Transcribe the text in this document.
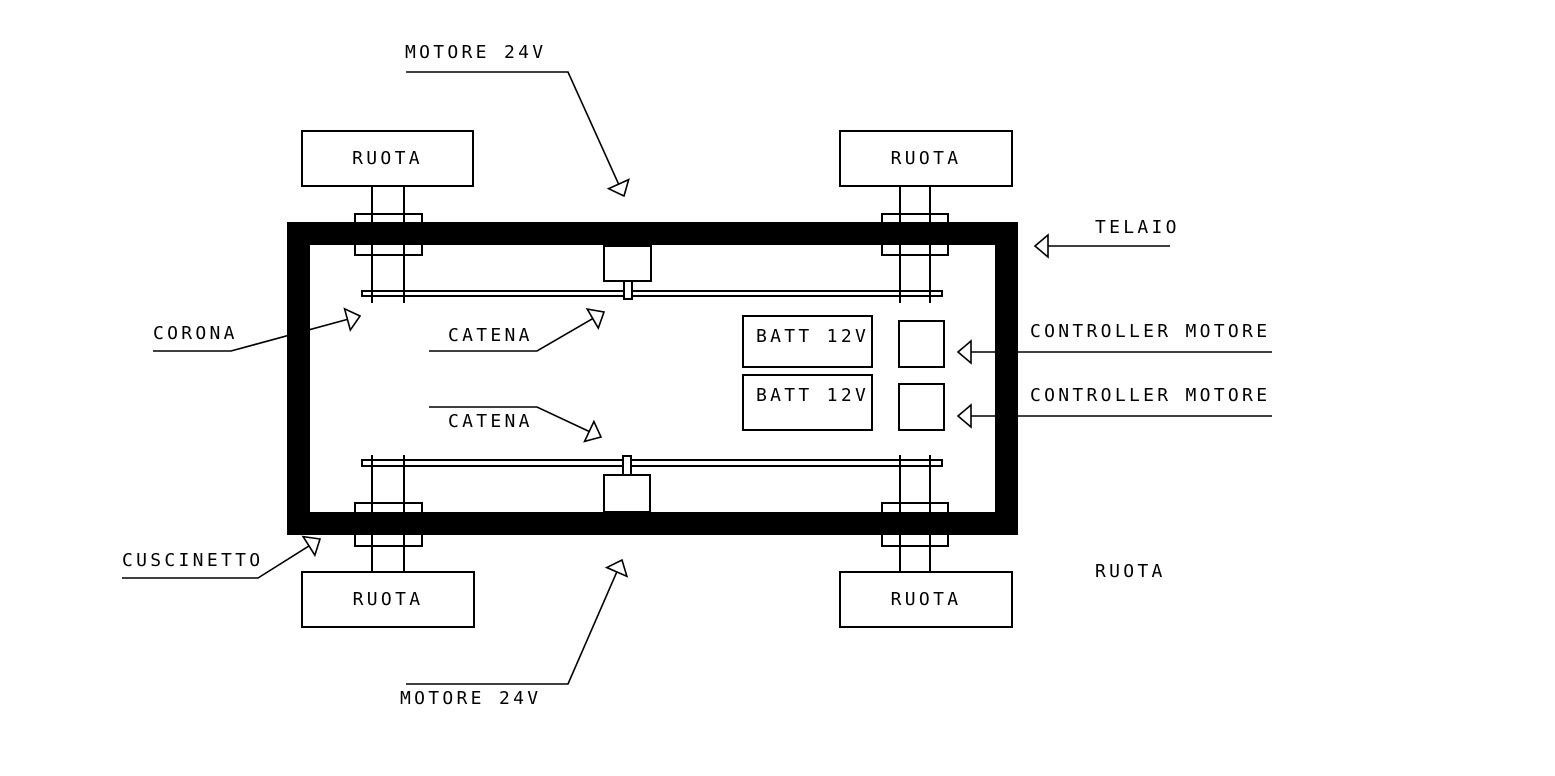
RUOTA	RUOTA
RUOTA	RUOTA
BATT 12V
BATT 12V
MOTORE 24V
TELAIO
CORONA	CATENA
CATENA
CONTROLLER MOTORE
CONTROLLER MOTORE
CUSCINETTO
RUOTA
MOTORE 24V
